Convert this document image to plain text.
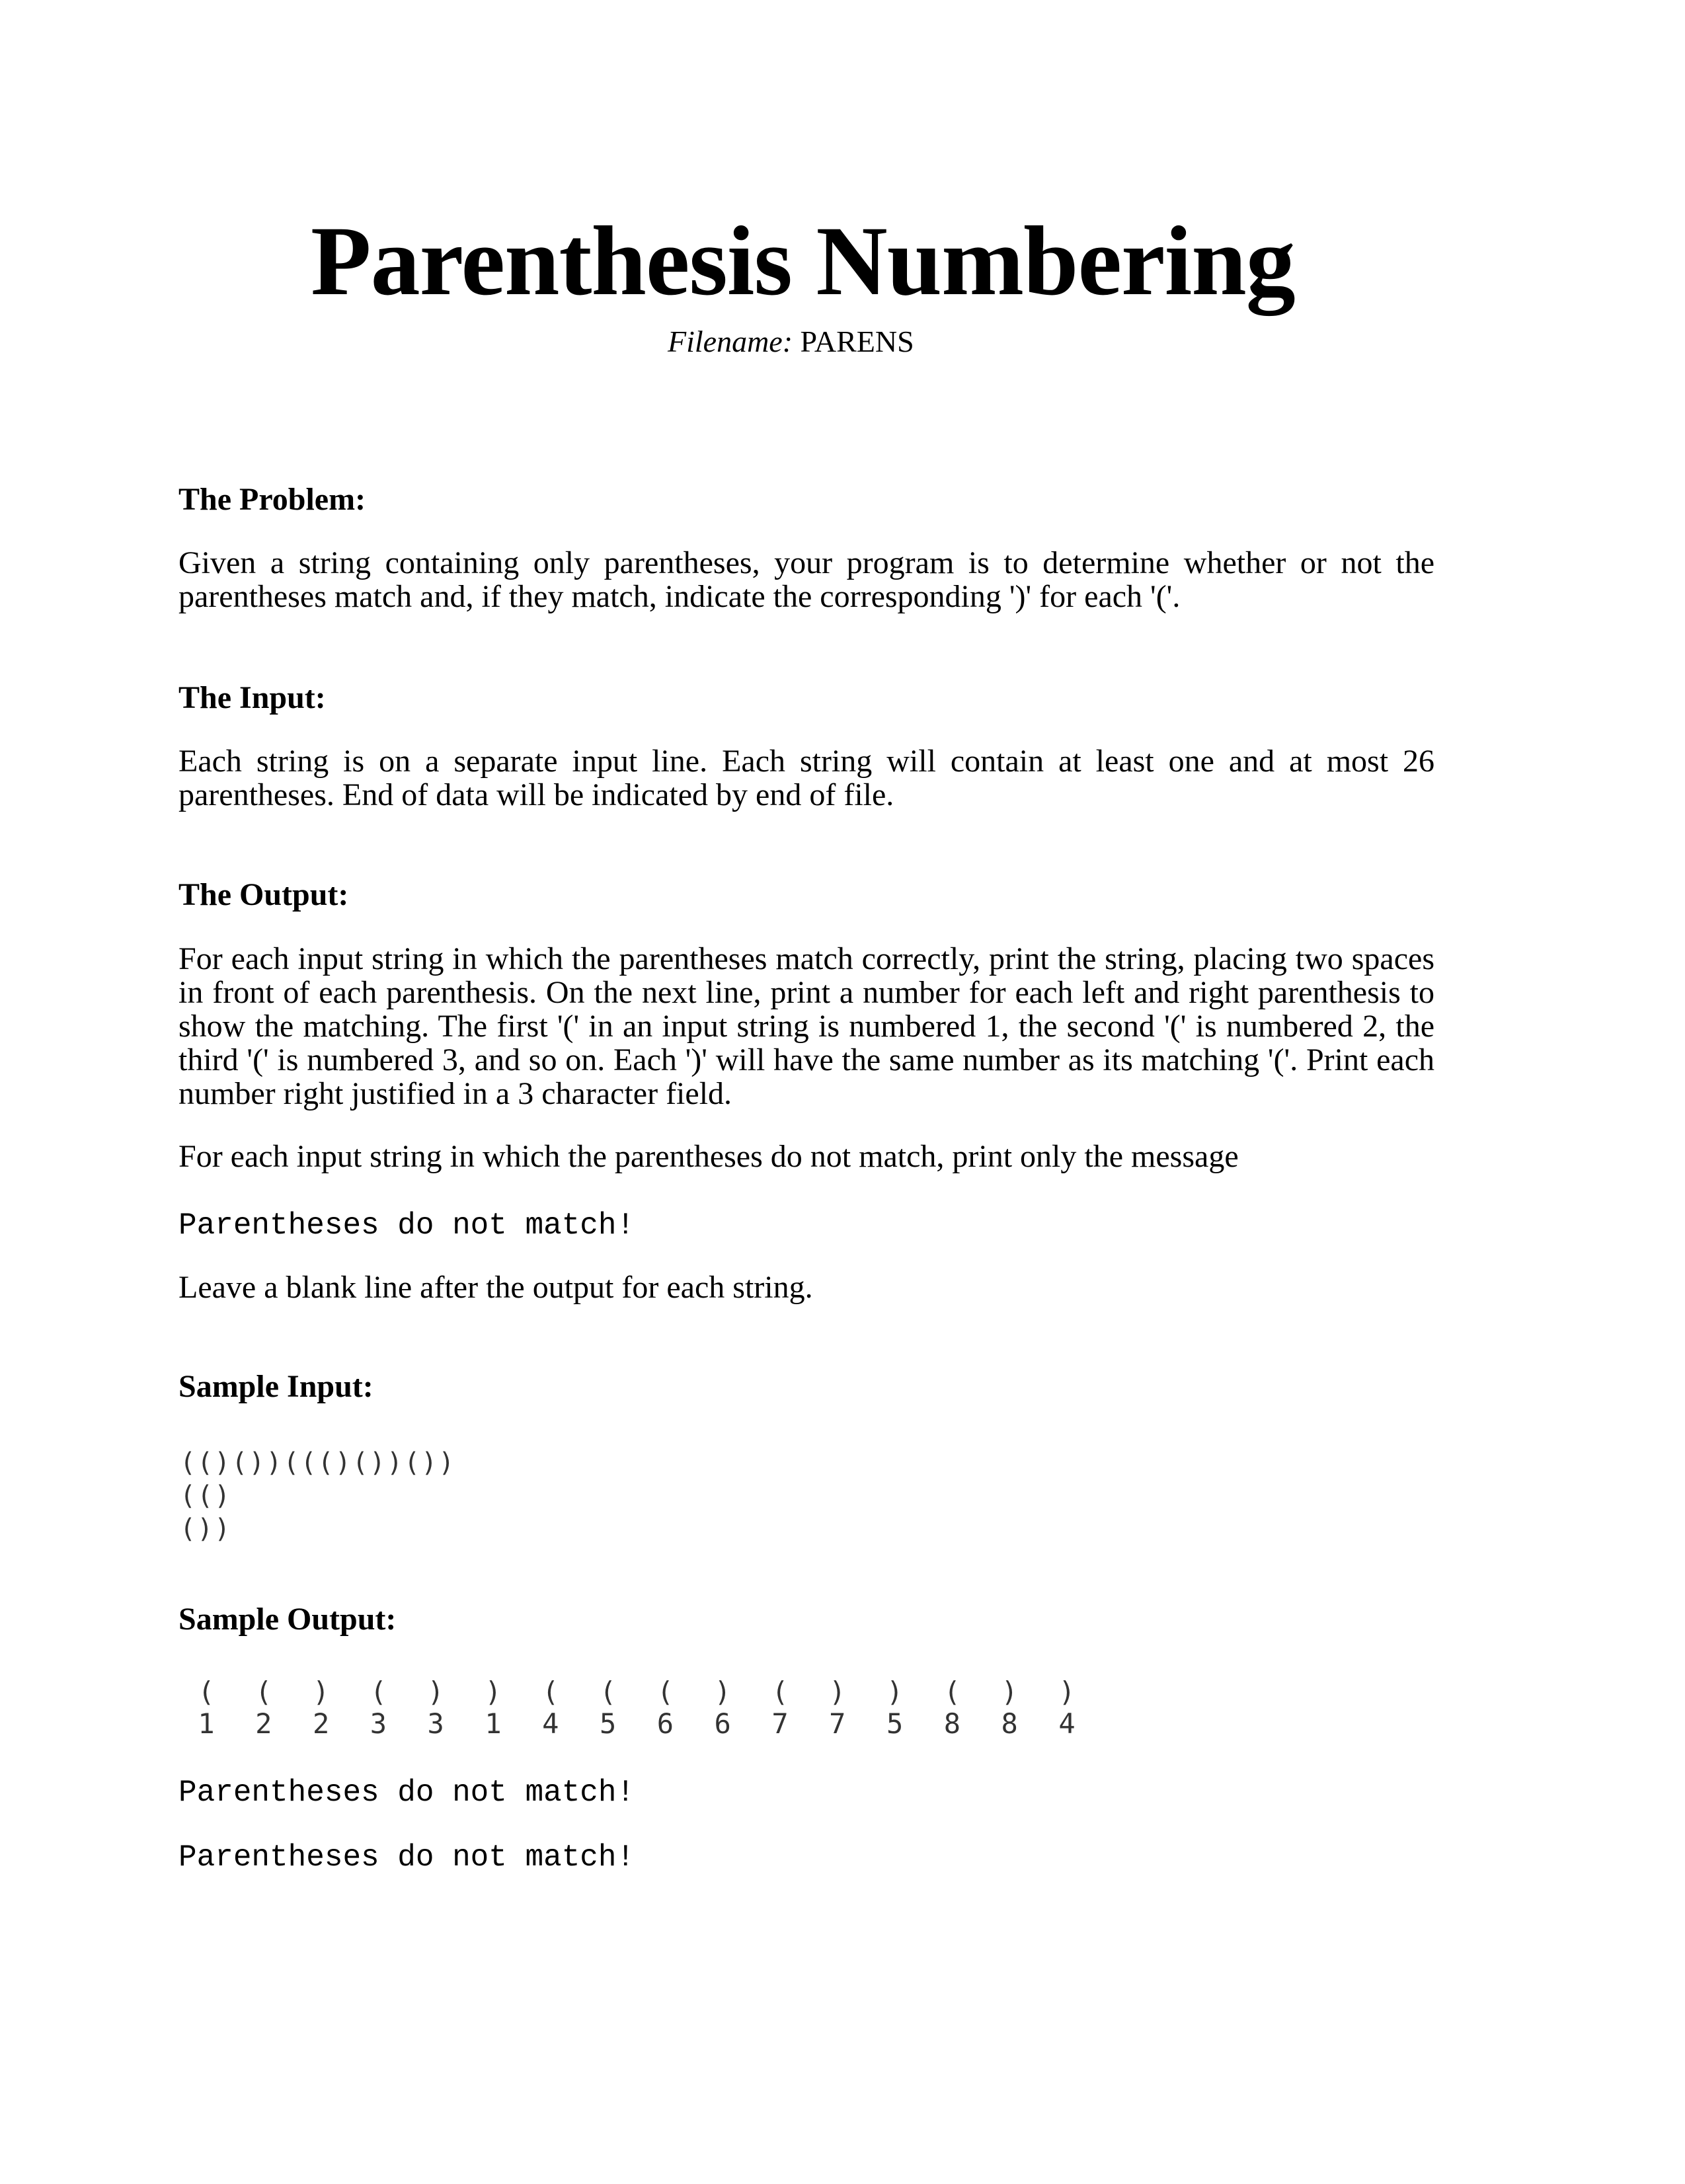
Parenthesis Numbering
Filename: PARENS
The Problem:
Given a string containing only parentheses, your program is to determine whether or not the parentheses match and, if they match, indicate the corresponding ')' for each '('.
The Input:
Each string is on a separate input line. Each string will contain at least one and at most 26 parentheses. End of data will be indicated by end of file.
The Output:
For each input string in which the parentheses match correctly, print the string, placing two spaces in front of each parenthesis. On the next line, print a number for each left and right parenthesis to show the matching. The first '(' in an input string is numbered 1, the second '(' is numbered 2, the third '(' is numbered 3, and so on. Each ')' will have the same number as its matching '('. Print each number right justified in a 3 character field.
For each input string in which the parentheses do not match, print only the message
Parentheses do not match!
Leave a blank line after the output for each string.
Sample Input:
(()())((()())())
(()
())
Sample Output:
(	(	)	(	)	)	(	(	(	)	(	)	)	(	)	)
1	2	2	3	3	1	4	5	6	6	7	7	5	8	8	4
Parentheses do not match!
Parentheses do not match!
